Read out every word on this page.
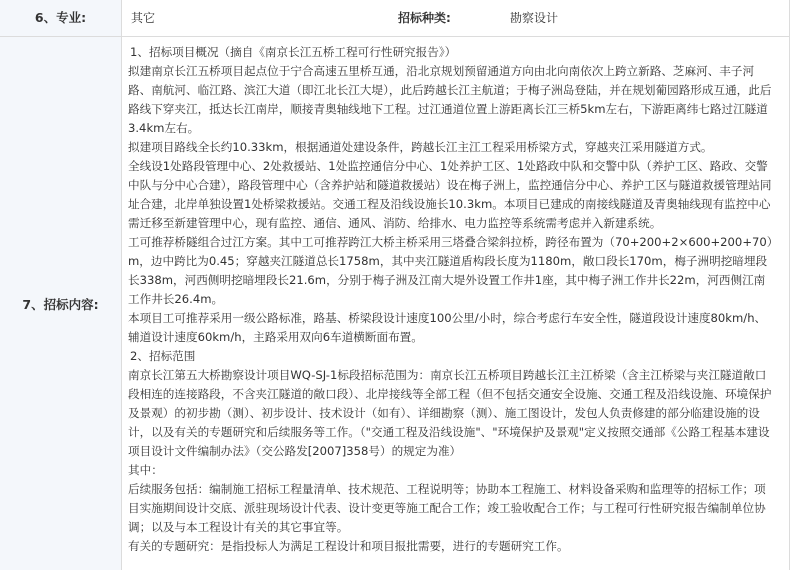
6、专业:	其它	招标种类:	勘察设计
7、招标内容:

1、招标项目概况（摘自《南京长江五桥工程可行性研究报告》）

拟建南京长江五桥项目起点位于宁合高速五里桥互通，沿北京规划预留通道方向由北向南依次上跨立新路、芝麻河、丰子河路、南航河、临江路、滨江大道（即江北长江大堤），此后跨越长江主航道；于梅子洲岛登陆，并在规划葡园路形成互通，此后路线下穿夹江，抵达长江南岸，顺接青奥轴线地下工程。过江通道位置上游距离长江三桥5km左右，下游距离纬七路过江隧道3.4km左右。

拟建项目路线全长约10.33km，根据通道处建设条件，跨越长江主江工程采用桥梁方式，穿越夹江采用隧道方式。

全线设1处路段管理中心、2处救援站、1处监控通信分中心、1处养护工区、1处路政中队和交警中队（养护工区、路政、交警中队与分中心合建），路段管理中心（含养护站和隧道救援站）设在梅子洲上，监控通信分中心、养护工区与隧道救援管理站同址合建，北岸单独设置1处桥梁救援站。交通工程及沿线设施长10.3km。本项目已建成的南接线隧道及青奥轴线现有监控中心需迁移至新建管理中心，现有监控、通信、通风、消防、给排水、电力监控等系统需考虑并入新建系统。

工可推荐桥隧组合过江方案。其中工可推荐跨江大桥主桥采用三塔叠合梁斜拉桥，跨径布置为（70+200+2×600+200+70）m，边中跨比为0.45；穿越夹江隧道总长1758m，其中夹江隧道盾构段长度为1180m，敞口段长170m，梅子洲明挖暗埋段长338m，河西侧明挖暗埋段长21.6m，分别于梅子洲及江南大堤外设置工作井1座，其中梅子洲工作井长22m，河西侧江南工作井长26.4m。

本项目工可推荐采用一级公路标准，路基、桥梁段设计速度100公里/小时，综合考虑行车安全性，隧道段设计速度80km/h、辅道设计速度60km/h，主路采用双向6车道横断面布置。

2、招标范围

南京长江第五大桥勘察设计项目WQ-SJ-1标段招标范围为：南京长江五桥项目跨越长江主江桥梁（含主江桥梁与夹江隧道敞口段相连的连接路段，不含夹江隧道的敞口段）、北岸接线等全部工程（但不包括交通安全设施、交通工程及沿线设施、环境保护及景观）的初步勘（测）、初步设计、技术设计（如有）、详细勘察（测）、施工图设计，发包人负责修建的部分临建设施的设计，以及有关的专题研究和后续服务等工作。（"交通工程及沿线设施"、"环境保护及景观"定义按照交通部《公路工程基本建设项目设计文件编制办法》（交公路发[2007]358号）的规定为准）

其中：

后续服务包括：编制施工招标工程量清单、技术规范、工程说明等；协助本工程施工、材料设备采购和监理等的招标工作；项目实施期间设计交底、派驻现场设计代表、设计变更等施工配合工作；竣工验收配合工作；与工程可行性研究报告编制单位协调；以及与本工程设计有关的其它事宜等。

有关的专题研究：是指投标人为满足工程设计和项目报批需要，进行的专题研究工作。
